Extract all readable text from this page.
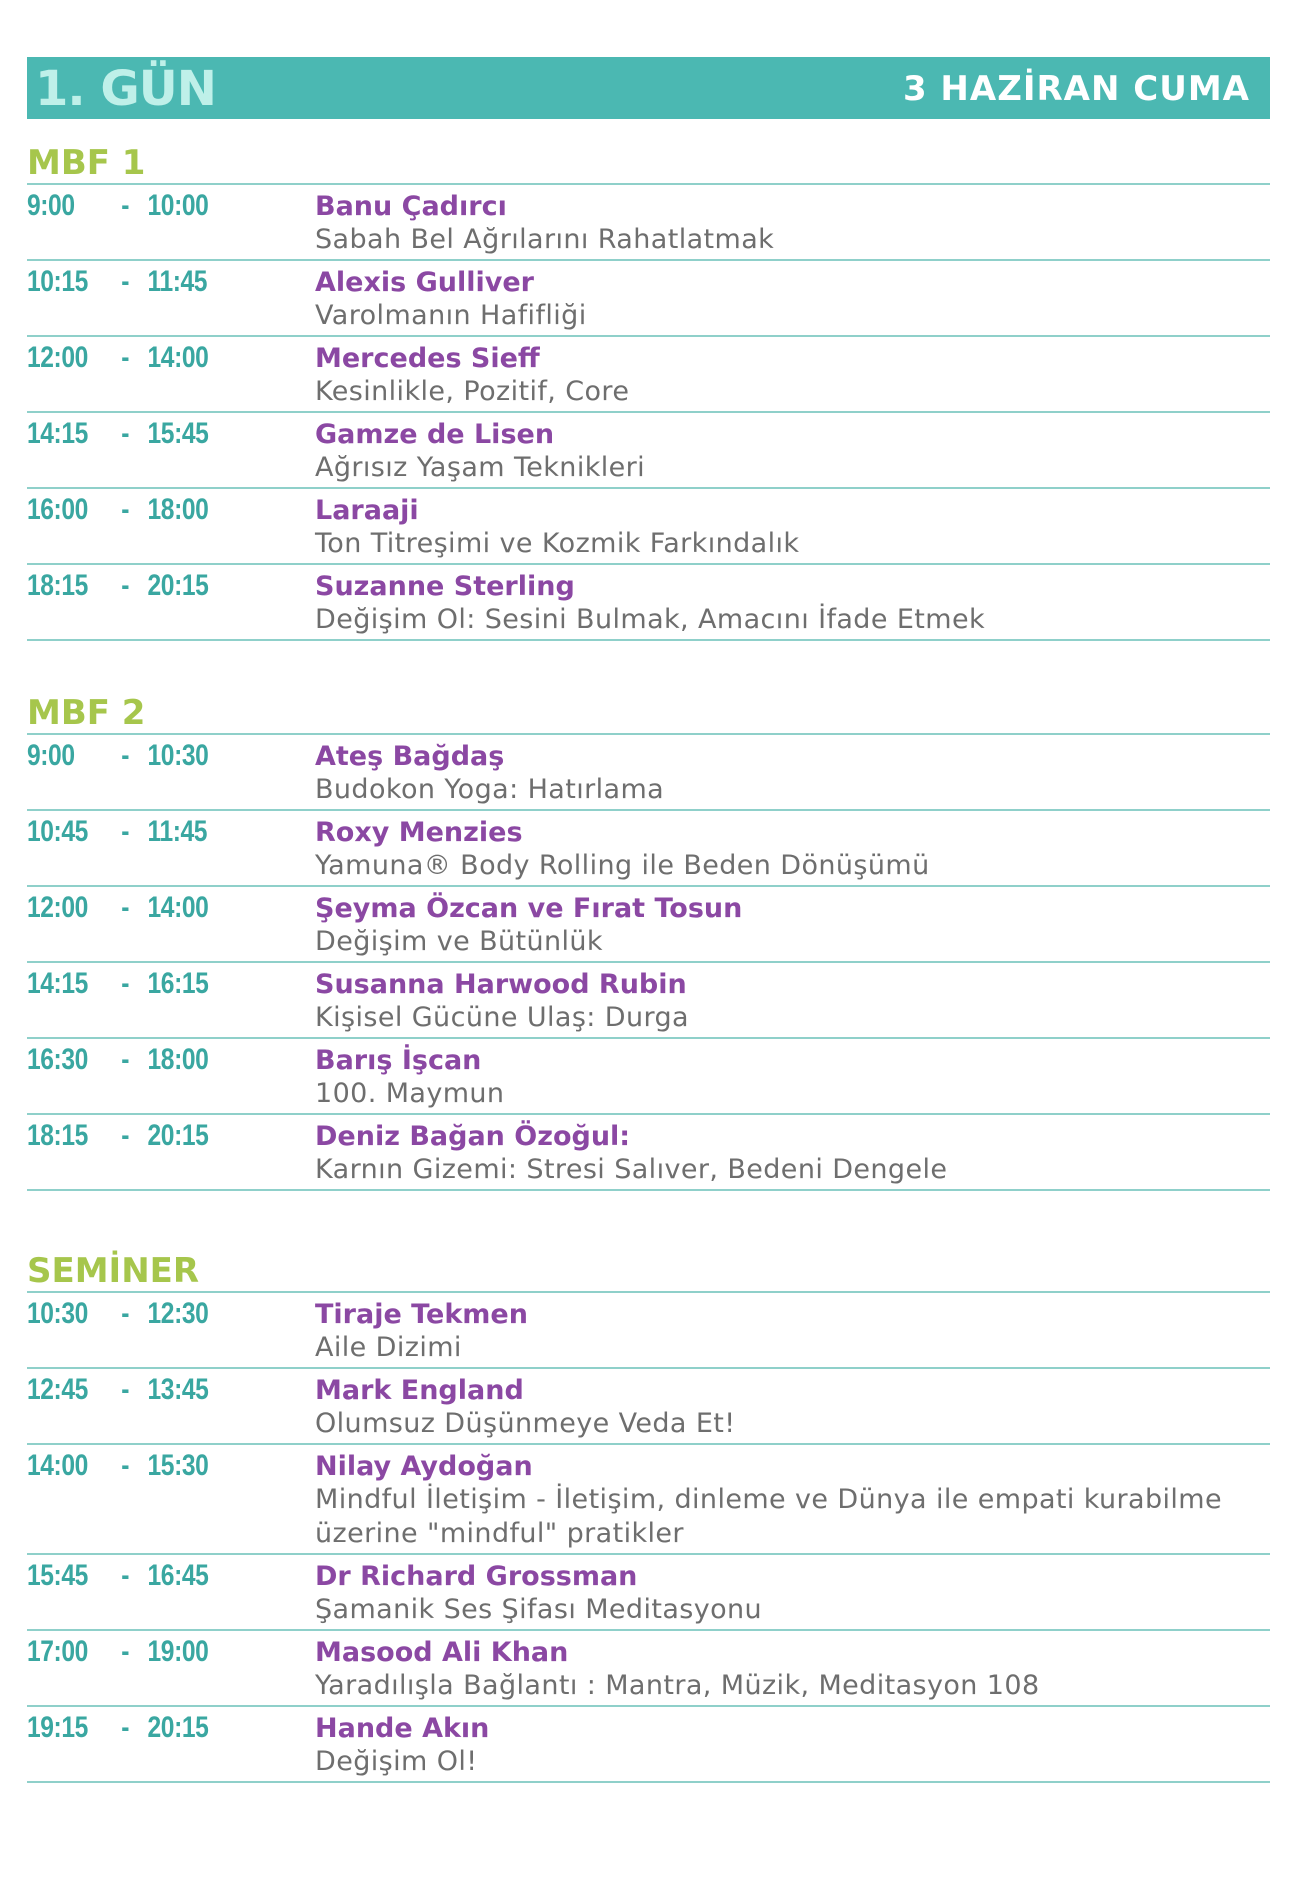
1. GÜN	3 HAZİRAN CUMA
MBF 1
9:00	- 10:00	Banu Çadırcı
Sabah Bel Ağrılarını Rahatlatmak
10:15	- 11:45	Alexis Gulliver
Varolmanın Hafifliği
12:00	- 14:00	Mercedes Sieff
Kesinlikle, Pozitif, Core
14:15	- 15:45	Gamze de Lisen
Ağrısız Yaşam Teknikleri
16:00	- 18:00	Laraaji
Ton Titreşimi ve Kozmik Farkındalık
18:15	- 20:15	Suzanne Sterling
Değişim Ol: Sesini Bulmak, Amacını İfade Etmek
MBF 2
9:00	- 10:30	Ateş Bağdaş
Budokon Yoga: Hatırlama
10:45	- 11:45	Roxy Menzies
Yamuna® Body Rolling ile Beden Dönüşümü
12:00	- 14:00	Şeyma Özcan ve Fırat Tosun
Değişim ve Bütünlük
14:15	- 16:15	Susanna Harwood Rubin
Kişisel Gücüne Ulaş: Durga
16:30	- 18:00	Barış İşcan
100. Maymun
18:15	- 20:15	Deniz Bağan Özoğul:
Karnın Gizemi: Stresi Salıver, Bedeni Dengele
SEMİNER
10:30	- 12:30	Tiraje Tekmen
Aile Dizimi
12:45	- 13:45	Mark England
Olumsuz Düşünmeye Veda Et!
14:00	- 15:30	Nilay Aydoğan
Mindful İletişim - İletişim, dinleme ve Dünya ile empati kurabilme üzerine "mindful" pratikler
15:45	- 16:45	Dr Richard Grossman
Şamanik Ses Şifası Meditasyonu
17:00	- 19:00	Masood Ali Khan
Yaradılışla Bağlantı : Mantra, Müzik, Meditasyon 108
19:15	- 20:15	Hande Akın
Değişim Ol!
